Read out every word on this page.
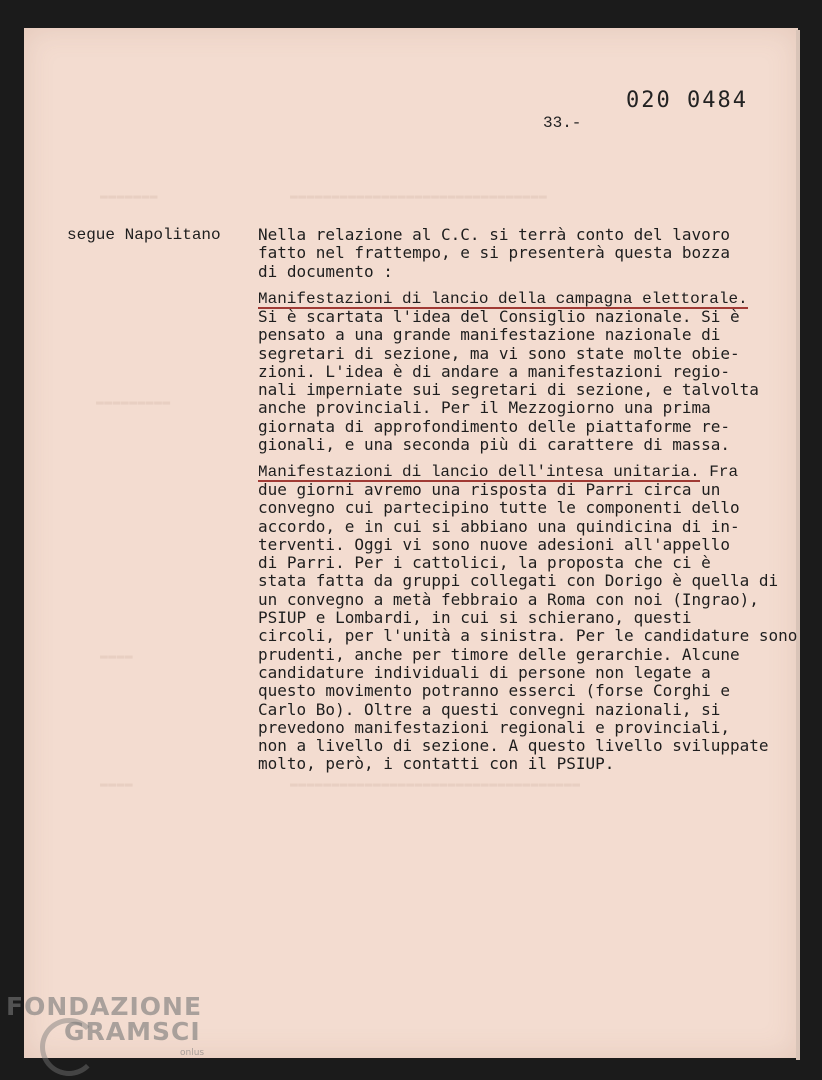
▬▬▬▬▬▬▬	▬▬▬▬▬▬▬▬▬▬▬▬▬▬▬▬▬▬▬▬▬▬▬▬▬▬▬▬▬▬▬
▬▬▬▬▬▬▬▬▬
▬▬▬▬
▬▬▬▬	▬▬▬▬▬▬▬▬▬▬▬▬▬▬▬▬▬▬▬▬▬▬▬▬▬▬▬▬▬▬▬▬▬▬▬
020 0484
33.-
segue Napolitano Nella relazione al C.C. si terrà conto del lavoro
fatto nel frattempo, e si presenterà questa bozza
di documento :
Manifestazioni di lancio della campagna elettorale.
Si è scartata l'idea del Consiglio nazionale. Si è
pensato a una grande manifestazione nazionale di
segretari di sezione, ma vi sono state molte obie-
zioni. L'idea è di andare a manifestazioni regio-
nali imperniate sui segretari di sezione, e talvolta
anche provinciali. Per il Mezzogiorno una prima
giornata di approfondimento delle piattaforme re-
gionali, e una seconda più di carattere di massa.
Manifestazioni di lancio dell'intesa unitaria. Fra
due giorni avremo una risposta di Parri circa un
convegno cui partecipino tutte le componenti dello
accordo, e in cui si abbiano una quindicina di in-
terventi. Oggi vi sono nuove adesioni all'appello
di Parri. Per i cattolici, la proposta che ci è
stata fatta da gruppi collegati con Dorigo è quella di
un convegno a metà febbraio a Roma con noi (Ingrao),
PSIUP e Lombardi, in cui si schierano, questi
circoli, per l'unità a sinistra. Per le candidature sono
prudenti, anche per timore delle gerarchie. Alcune
candidature individuali di persone non legate a
questo movimento potranno esserci (forse Corghi e
Carlo Bo). Oltre a questi convegni nazionali, si
prevedono manifestazioni regionali e provinciali,
non a livello di sezione. A questo livello sviluppate
molto, però, i contatti con il PSIUP.
FONDAZIONE
GRAMSCI
onlus
